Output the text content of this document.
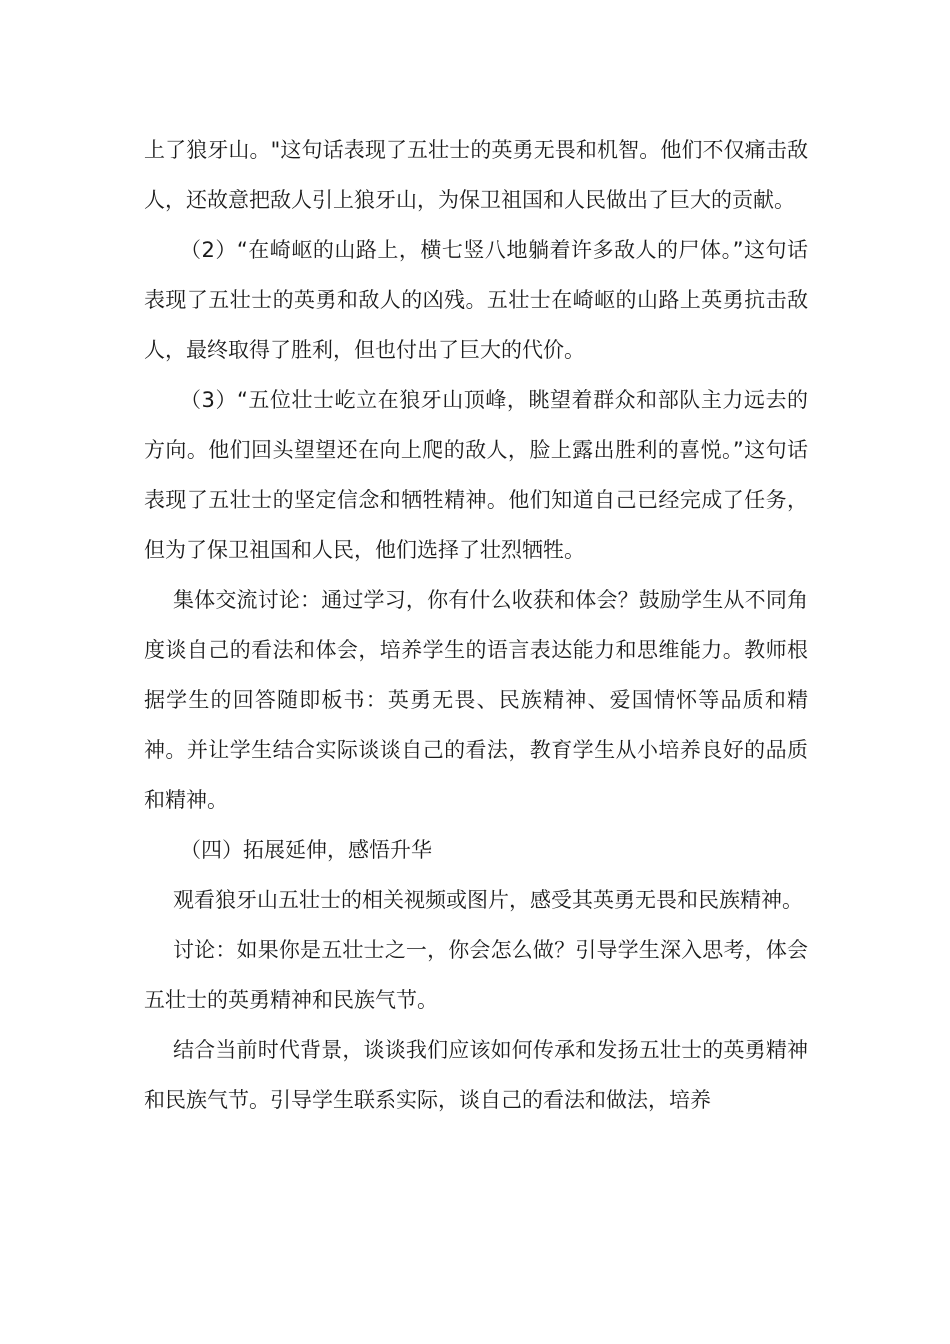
上了狼牙山。"这句话表现了五壮士的英勇无畏和机智。他们不仅痛击敌人，还故意把敌人引上狼牙山，为保卫祖国和人民做出了巨大的贡献。

（2）“在崎岖的山路上，横七竖八地躺着许多敌人的尸体。”这句话表现了五壮士的英勇和敌人的凶残。五壮士在崎岖的山路上英勇抗击敌人，最终取得了胜利，但也付出了巨大的代价。

（3）“五位壮士屹立在狼牙山顶峰，眺望着群众和部队主力远去的方向。他们回头望望还在向上爬的敌人，脸上露出胜利的喜悦。”这句话表现了五壮士的坚定信念和牺牲精神。他们知道自己已经完成了任务，但为了保卫祖国和人民，他们选择了壮烈牺牲。

集体交流讨论：通过学习，你有什么收获和体会？鼓励学生从不同角度谈自己的看法和体会，培养学生的语言表达能力和思维能力。教师根据学生的回答随即板书：英勇无畏、民族精神、爱国情怀等品质和精神。并让学生结合实际谈谈自己的看法，教育学生从小培养良好的品质和精神。

（四）拓展延伸，感悟升华

观看狼牙山五壮士的相关视频或图片，感受其英勇无畏和民族精神。

讨论：如果你是五壮士之一，你会怎么做？引导学生深入思考，体会五壮士的英勇精神和民族气节。

结合当前时代背景，谈谈我们应该如何传承和发扬五壮士的英勇精神和民族气节。引导学生联系实际，谈自己的看法和做法，培养
